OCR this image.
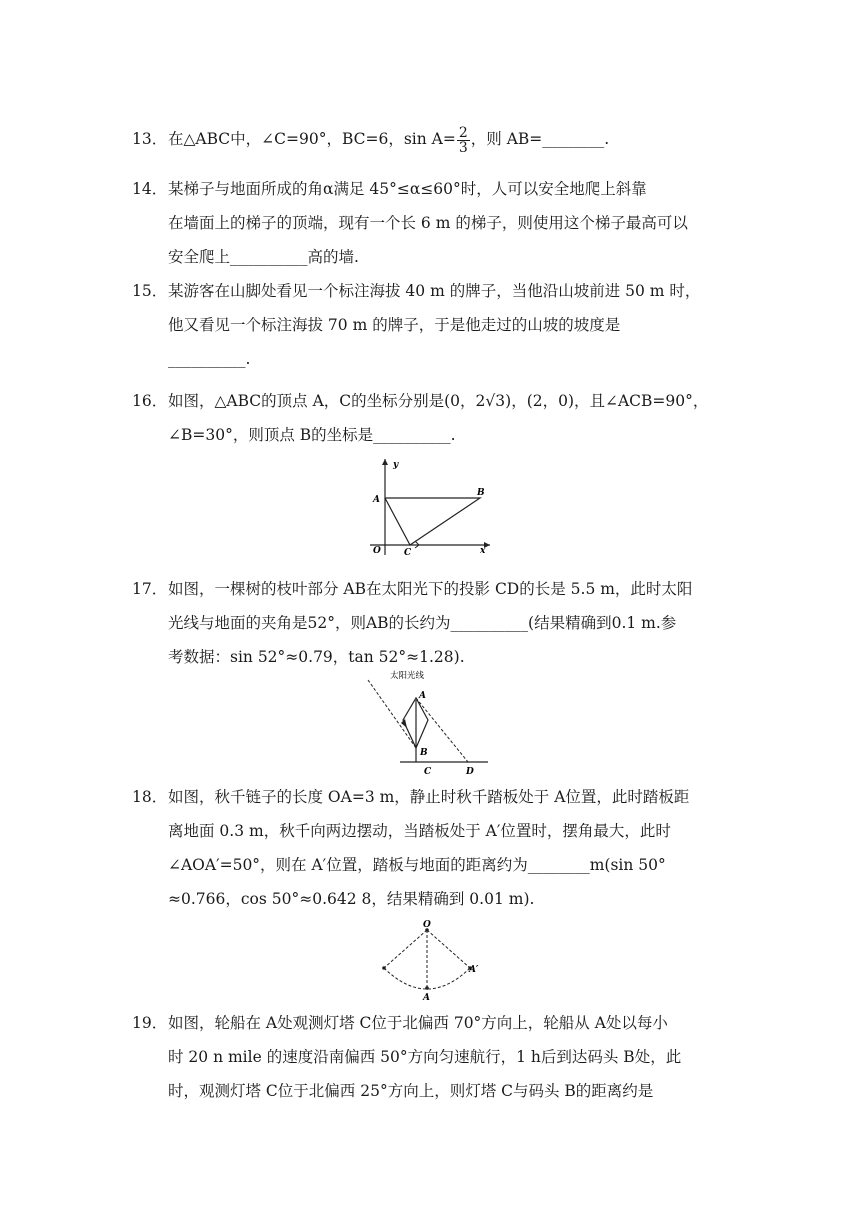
13． 在△ABC中，∠C=90°，BC=6，$\sin A= \frac{2}{3}$ ，则 AB=________.
14． 某梯子与地面所成的角α满足 45°≤α≤60°时，人可以安全地爬上斜靠
在墙面上的梯子的顶端，现有一个长 6 m 的梯子，则使用这个梯子最高可以
安全爬上__________高的墙.
15． 某游客在山脚处看见一个标注海拔 40 m 的牌子，当他沿山坡前进 50 m 时，
他又看见一个标注海拔 70 m 的牌子，于是他走过的山坡的坡度是
__________.
16． 如图，△ABC的顶点 A，C的坐标分别是(0，2√3)，(2，0)，且∠ACB=90°，
∠B=30°，则顶点 B的坐标是__________.
y
x
O
A
B
C
17． 如图，一棵树的枝叶部分 AB在太阳光下的投影 CD的长是 5.5 m，此时太阳
光线与地面的夹角是52°，则AB的长约为__________(结果精确到0.1 m.参
考数据：sin 52°≈0.79，tan 52°≈1.28).
太阳光线
A
B
C	D
18． 如图，秋千链子的长度 OA=3 m，静止时秋千踏板处于 A位置，此时踏板距
离地面 0.3 m，秋千向两边摆动，当踏板处于 A′位置时，摆角最大，此时
∠AOA′=50°，则在 A′位置，踏板与地面的距离约为________m(sin 50°
≈0.766，cos 50°≈0.642 8，结果精确到 0.01 m).
O
A
A′
19． 如图，轮船在 A处观测灯塔 C位于北偏西 70°方向上，轮船从 A处以每小
时 20 n mile 的速度沿南偏西 50°方向匀速航行，1 h后到达码头 B处，此
时，观测灯塔 C位于北偏西 25°方向上，则灯塔 C与码头 B的距离约是
